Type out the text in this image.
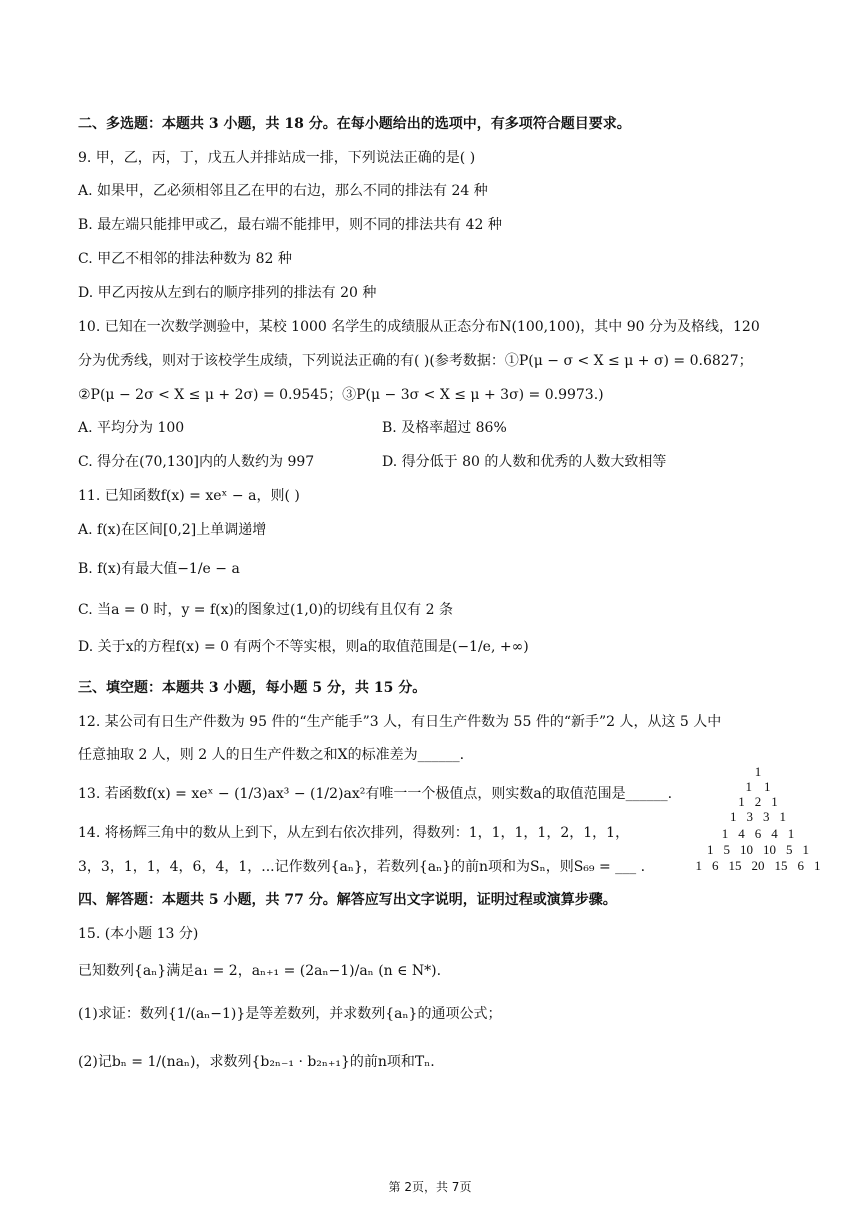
二、多选题：本题共 3 小题，共 18 分。在每小题给出的选项中，有多项符合题目要求。
9. 甲，乙，丙，丁，戊五人并排站成一排，下列说法正确的是( )
A. 如果甲，乙必须相邻且乙在甲的右边，那么不同的排法有 24 种
B. 最左端只能排甲或乙，最右端不能排甲，则不同的排法共有 42 种
C. 甲乙不相邻的排法种数为 82 种
D. 甲乙丙按从左到右的顺序排列的排法有 20 种
10. 已知在一次数学测验中，某校 1000 名学生的成绩服从正态分布N(100,100)，其中 90 分为及格线，120
分为优秀线，则对于该校学生成绩，下列说法正确的有( )(参考数据：①P(μ − σ < X ≤ μ + σ) = 0.6827；
②P(μ − 2σ < X ≤ μ + 2σ) = 0.9545；③P(μ − 3σ < X ≤ μ + 3σ) = 0.9973.)
A. 平均分为 100	B. 及格率超过 86%
C. 得分在(70,130]内的人数约为 997	D. 得分低于 80 的人数和优秀的人数大致相等
11. 已知函数f(x) = xeˣ − a，则( )
A. f(x)在区间[0,2]上单调递增
B. f(x)有最大值−1/e − a
C. 当a = 0 时，y = f(x)的图象过(1,0)的切线有且仅有 2 条
D. 关于x的方程f(x) = 0 有两个不等实根，则a的取值范围是(−1/e, +∞)
三、填空题：本题共 3 小题，每小题 5 分，共 15 分。
12. 某公司有日生产件数为 95 件的“生产能手”3 人，有日生产件数为 55 件的“新手”2 人，从这 5 人中
任意抽取 2 人，则 2 人的日生产件数之和X的标准差为______.
13. 若函数f(x) = xeˣ − (1/3)ax³ − (1/2)ax²有唯一一个极值点，则实数a的取值范围是______.
14. 将杨辉三角中的数从上到下，从左到右依次排列，得数列：1，1，1，1，2，1，1，
3，3，1，1，4，6，4，1，...记作数列{aₙ}，若数列{aₙ}的前n项和为Sₙ，则S₆₉ = ___ .
1
1 1
1 2 1
1 3 3 1
1 4 6 4 1
1 5 10 10 5 1
1 6 15 20 15 6 1
四、解答题：本题共 5 小题，共 77 分。解答应写出文字说明，证明过程或演算步骤。
15. (本小题 13 分)
已知数列{aₙ}满足a₁ = 2，aₙ₊₁ = (2aₙ−1)/aₙ (n ∈ N*).
(1)求证：数列{1/(aₙ−1)}是等差数列，并求数列{aₙ}的通项公式；
(2)记bₙ = 1/(naₙ)，求数列{b₂ₙ₋₁ · b₂ₙ₊₁}的前n项和Tₙ.
第 2页，共 7页
